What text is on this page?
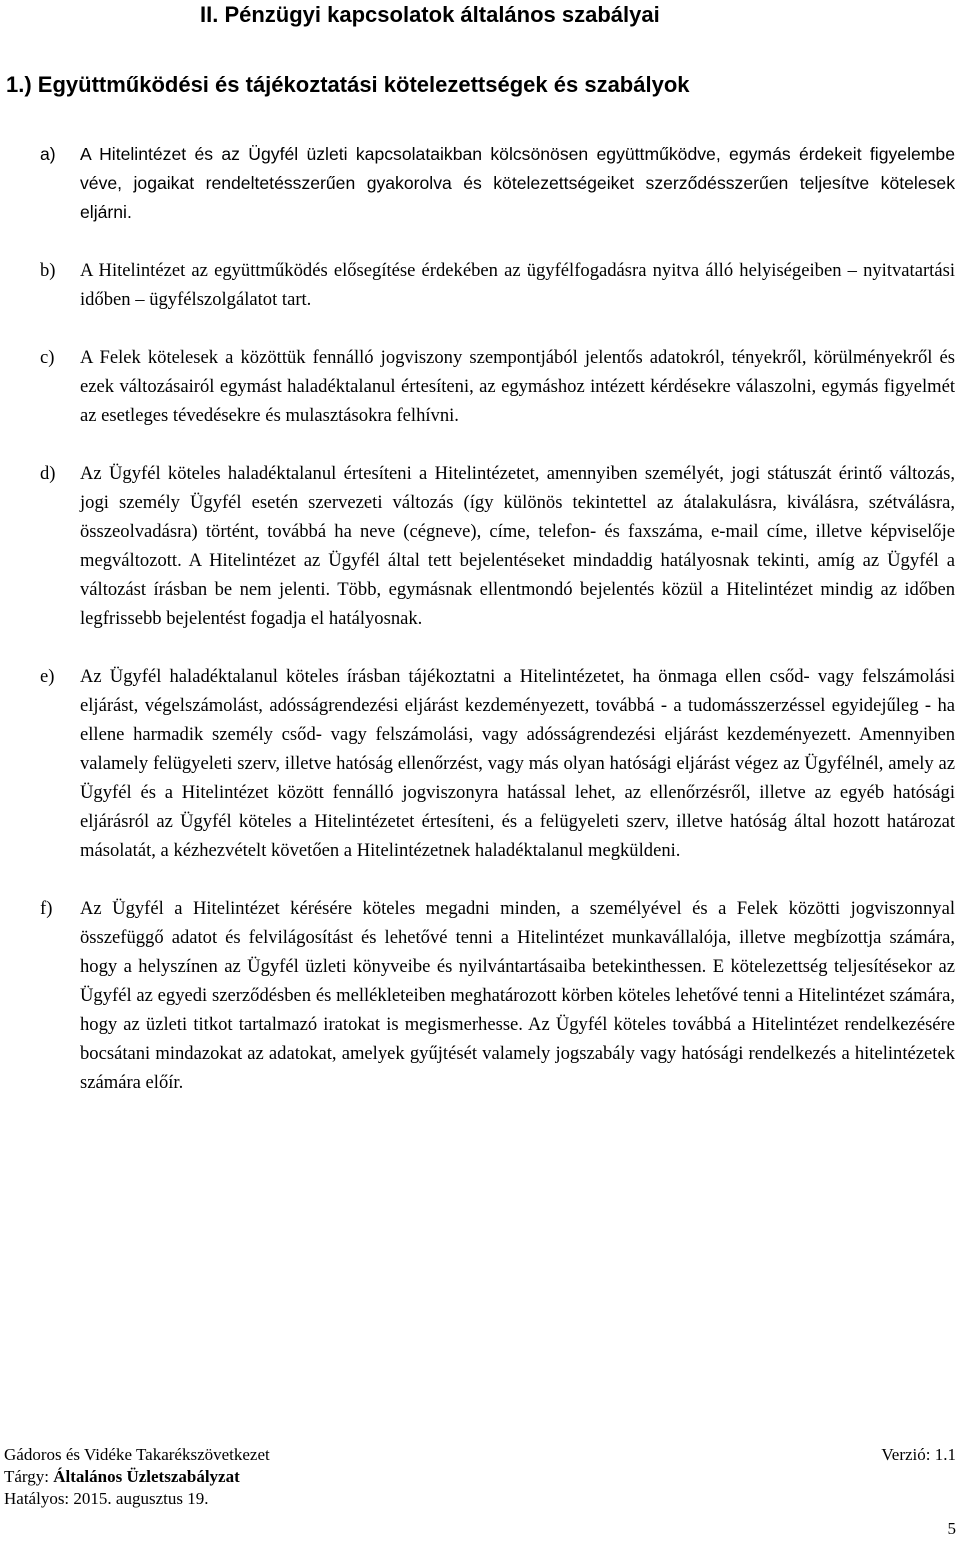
II. Pénzügyi kapcsolatok általános szabályai
1.) Együttműködési és tájékoztatási kötelezettségek és szabályok
a)	A Hitelintézet és az Ügyfél üzleti kapcsolataikban kölcsönösen együttműködve, egymás érdekeit figyelembe véve, jogaikat rendeltetésszerűen gyakorolva és kötelezettségeiket szerződésszerűen teljesítve kötelesek eljárni.
b)	A Hitelintézet az együttműködés elősegítése érdekében az ügyfélfogadásra nyitva álló helyiségeiben – nyitvatartási időben – ügyfélszolgálatot tart.
c)	A Felek kötelesek a közöttük fennálló jogviszony szempontjából jelentős adatokról, tényekről, körülményekről és ezek változásairól egymást haladéktalanul értesíteni, az egymáshoz intézett kérdésekre válaszolni, egymás figyelmét az esetleges tévedésekre és mulasztásokra felhívni.
d)	Az Ügyfél köteles haladéktalanul értesíteni a Hitelintézetet, amennyiben személyét, jogi státuszát érintő változás, jogi személy Ügyfél esetén szervezeti változás (így különös tekintettel az átalakulásra, kiválásra, szétválásra, összeolvadásra) történt, továbbá ha neve (cégneve), címe, telefon- és faxszáma, e-mail címe, illetve képviselője megváltozott. A Hitelintézet az Ügyfél által tett bejelentéseket mindaddig hatályosnak tekinti, amíg az Ügyfél a változást írásban be nem jelenti. Több, egymásnak ellentmondó bejelentés közül a Hitelintézet mindig az időben legfrissebb bejelentést fogadja el hatályosnak.
e)	Az Ügyfél haladéktalanul köteles írásban tájékoztatni a Hitelintézetet, ha önmaga ellen csőd- vagy felszámolási eljárást, végelszámolást, adósságrendezési eljárást kezdeményezett, továbbá - a tudomásszerzéssel egyidejűleg - ha ellene harmadik személy csőd- vagy felszámolási, vagy adósságrendezési eljárást kezdeményezett. Amennyiben valamely felügyeleti szerv, illetve hatóság ellenőrzést, vagy más olyan hatósági eljárást végez az Ügyfélnél, amely az Ügyfél és a Hitelintézet között fennálló jogviszonyra hatással lehet, az ellenőrzésről, illetve az egyéb hatósági eljárásról az Ügyfél köteles a Hitelintézetet értesíteni, és a felügyeleti szerv, illetve hatóság által hozott határozat másolatát, a kézhezvételt követően a Hitelintézetnek haladéktalanul megküldeni.
f)	Az Ügyfél a Hitelintézet kérésére köteles megadni minden, a személyével és a Felek közötti jogviszonnyal összefüggő adatot és felvilágosítást és lehetővé tenni a Hitelintézet munkavállalója, illetve megbízottja számára, hogy a helyszínen az Ügyfél üzleti könyveibe és nyilvántartásaiba betekinthessen. E kötelezettség teljesítésekor az Ügyfél az egyedi szerződésben és mellékleteiben meghatározott körben köteles lehetővé tenni a Hitelintézet számára, hogy az üzleti titkot tartalmazó iratokat is megismerhesse. Az Ügyfél köteles továbbá a Hitelintézet rendelkezésére bocsátani mindazokat az adatokat, amelyek gyűjtését valamely jogszabály vagy hatósági rendelkezés a hitelintézetek számára előír.
Gádoros és Vidéke Takarékszövetkezet
Tárgy: Általános Üzletszabályzat
Hatályos: 2015. augusztus 19.
Verzió: 1.1
5
